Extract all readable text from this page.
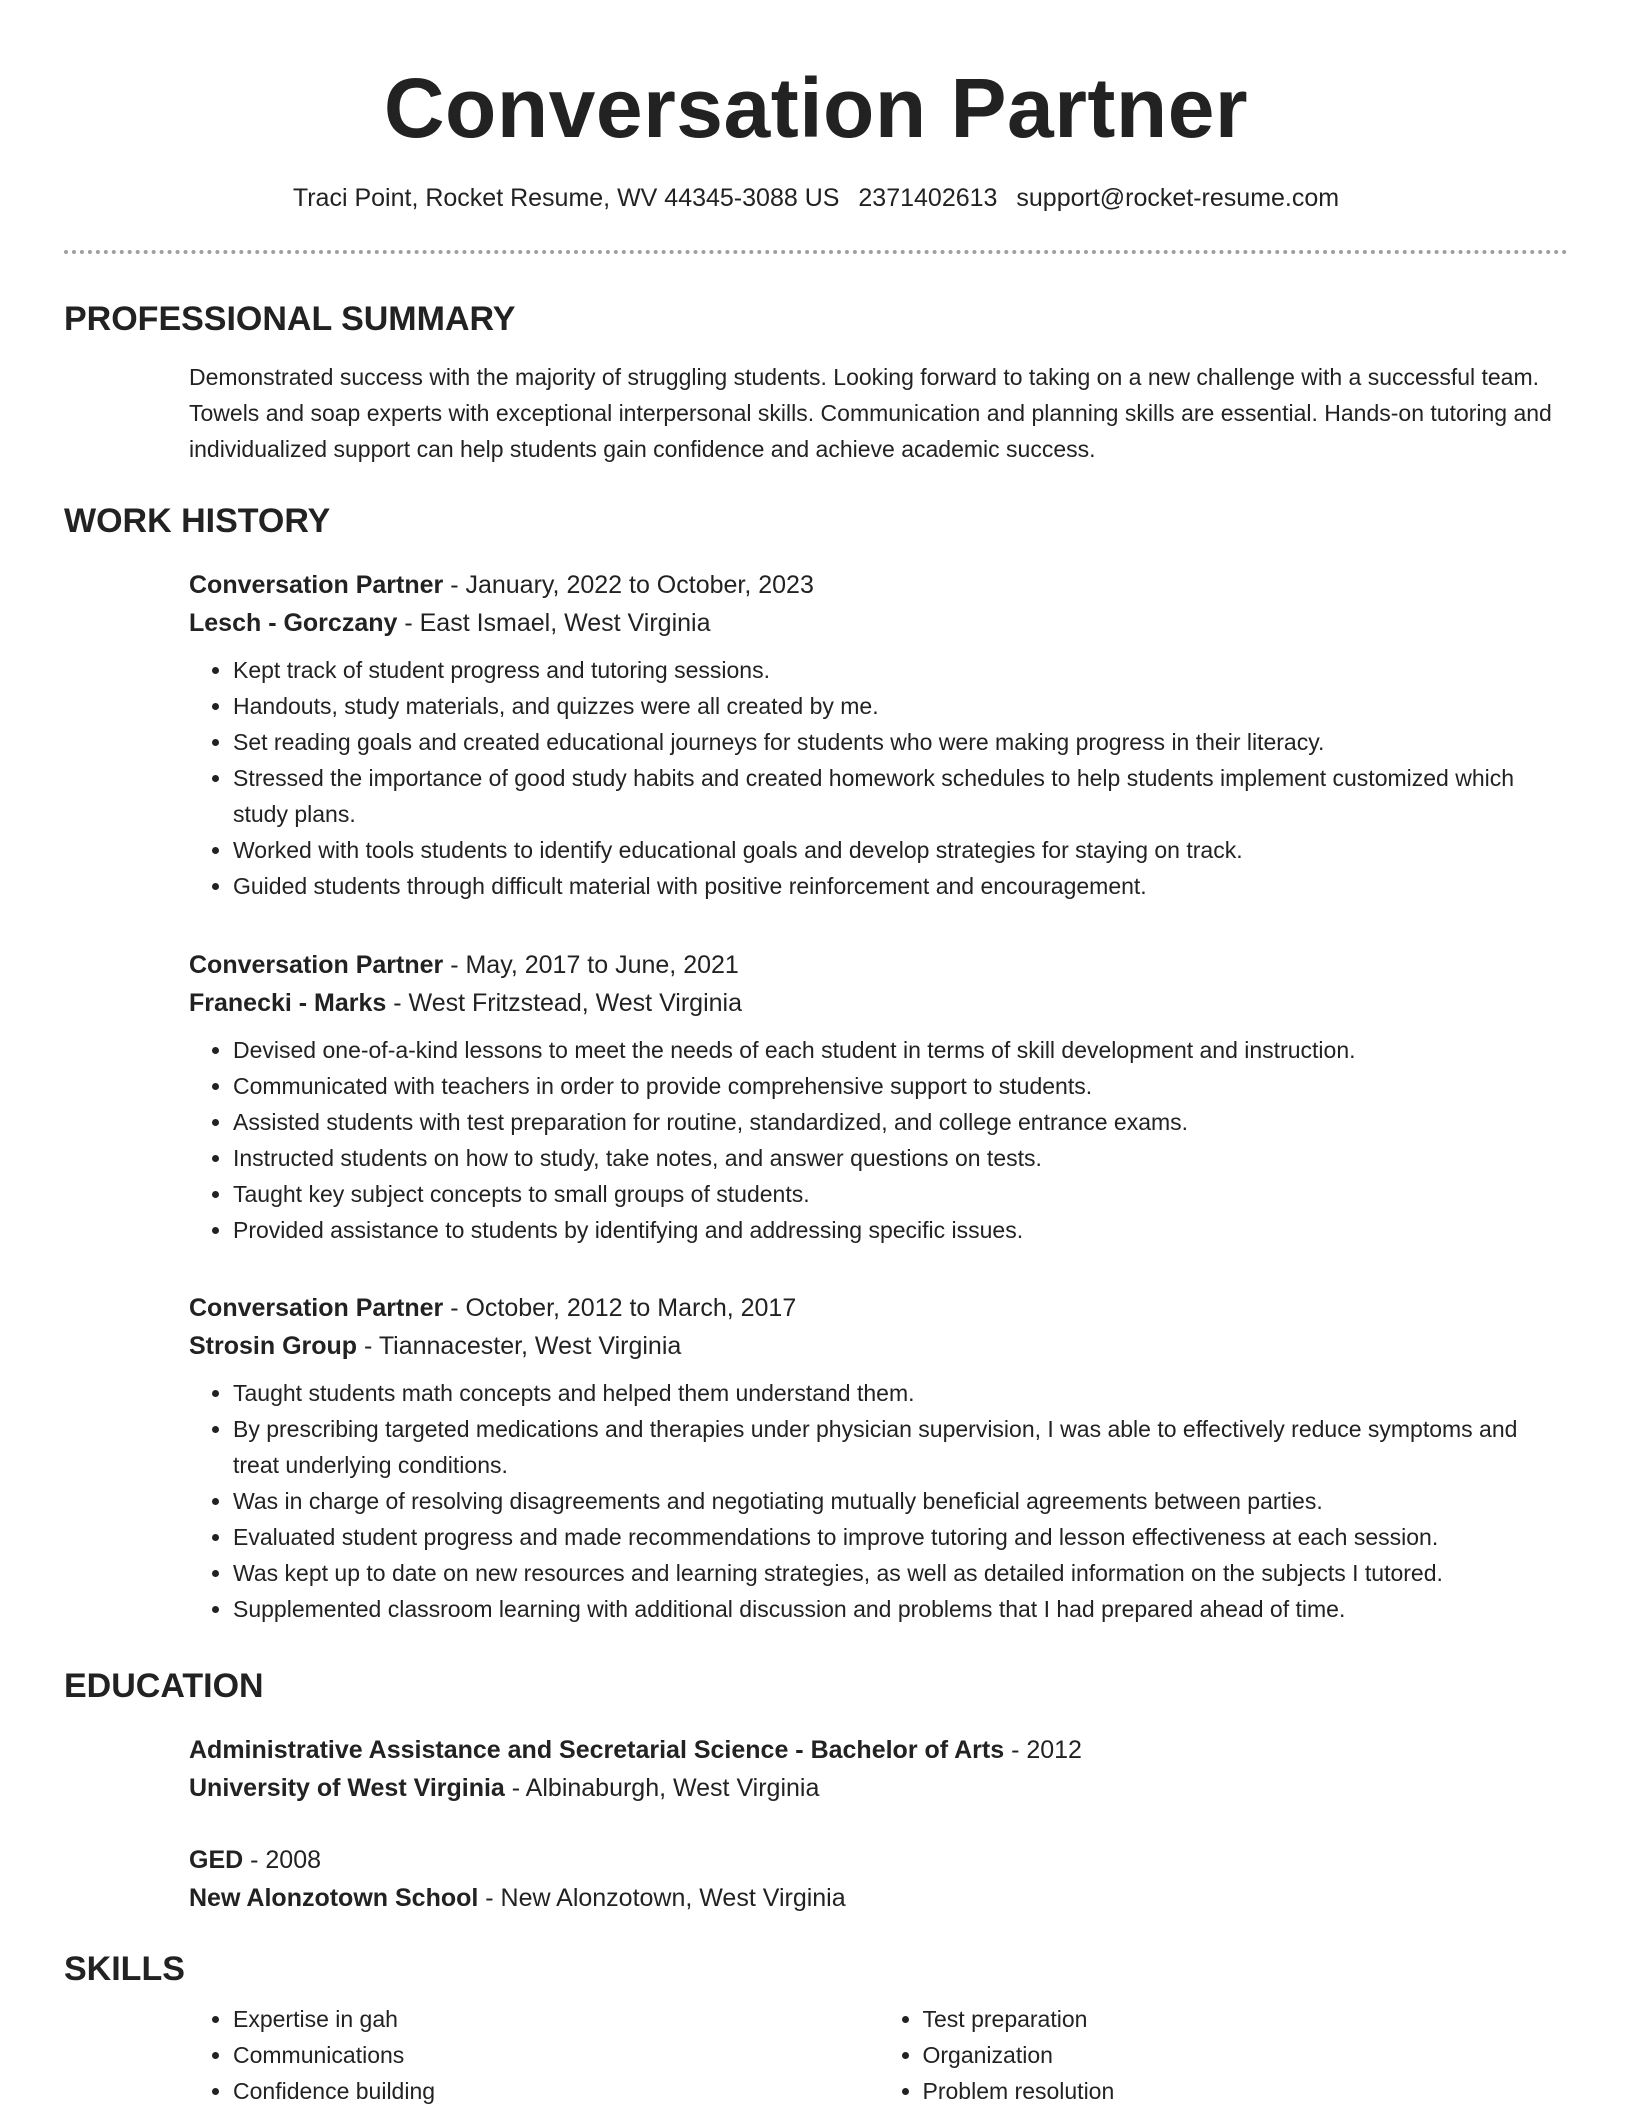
Conversation Partner
Traci Point, Rocket Resume, WV 44345-3088 US 2371402613 support@rocket-resume.com
PROFESSIONAL SUMMARY

Demonstrated success with the majority of struggling students. Looking forward to taking on a new challenge with a successful team. Towels and soap experts with exceptional interpersonal skills. Communication and planning skills are essential. Hands-on tutoring and individualized support can help students gain confidence and achieve academic success.

WORK HISTORY
Conversation Partner - January, 2022 to October, 2023
Lesch - Gorczany - East Ismael, West Virginia
• Kept track of student progress and tutoring sessions.
• Handouts, study materials, and quizzes were all created by me.
• Set reading goals and created educational journeys for students who were making progress in their literacy.
• Stressed the importance of good study habits and created homework schedules to help students implement customized which study plans.
• Worked with tools students to identify educational goals and develop strategies for staying on track.
• Guided students through difficult material with positive reinforcement and encouragement.
Conversation Partner - May, 2017 to June, 2021
Franecki - Marks - West Fritzstead, West Virginia
• Devised one-of-a-kind lessons to meet the needs of each student in terms of skill development and instruction.
• Communicated with teachers in order to provide comprehensive support to students.
• Assisted students with test preparation for routine, standardized, and college entrance exams.
• Instructed students on how to study, take notes, and answer questions on tests.
• Taught key subject concepts to small groups of students.
• Provided assistance to students by identifying and addressing specific issues.
Conversation Partner - October, 2012 to March, 2017
Strosin Group - Tiannacester, West Virginia
• Taught students math concepts and helped them understand them.
• By prescribing targeted medications and therapies under physician supervision, I was able to effectively reduce symptoms and treat underlying conditions.
• Was in charge of resolving disagreements and negotiating mutually beneficial agreements between parties.
• Evaluated student progress and made recommendations to improve tutoring and lesson effectiveness at each session.
• Was kept up to date on new resources and learning strategies, as well as detailed information on the subjects I tutored.
• Supplemented classroom learning with additional discussion and problems that I had prepared ahead of time.
EDUCATION
Administrative Assistance and Secretarial Science - Bachelor of Arts - 2012
University of West Virginia - Albinaburgh, West Virginia
GED - 2008
New Alonzotown School - New Alonzotown, West Virginia
SKILLS
• Expertise in gah
• Communications
• Confidence building
• Test preparation
• Organization
• Problem resolution
